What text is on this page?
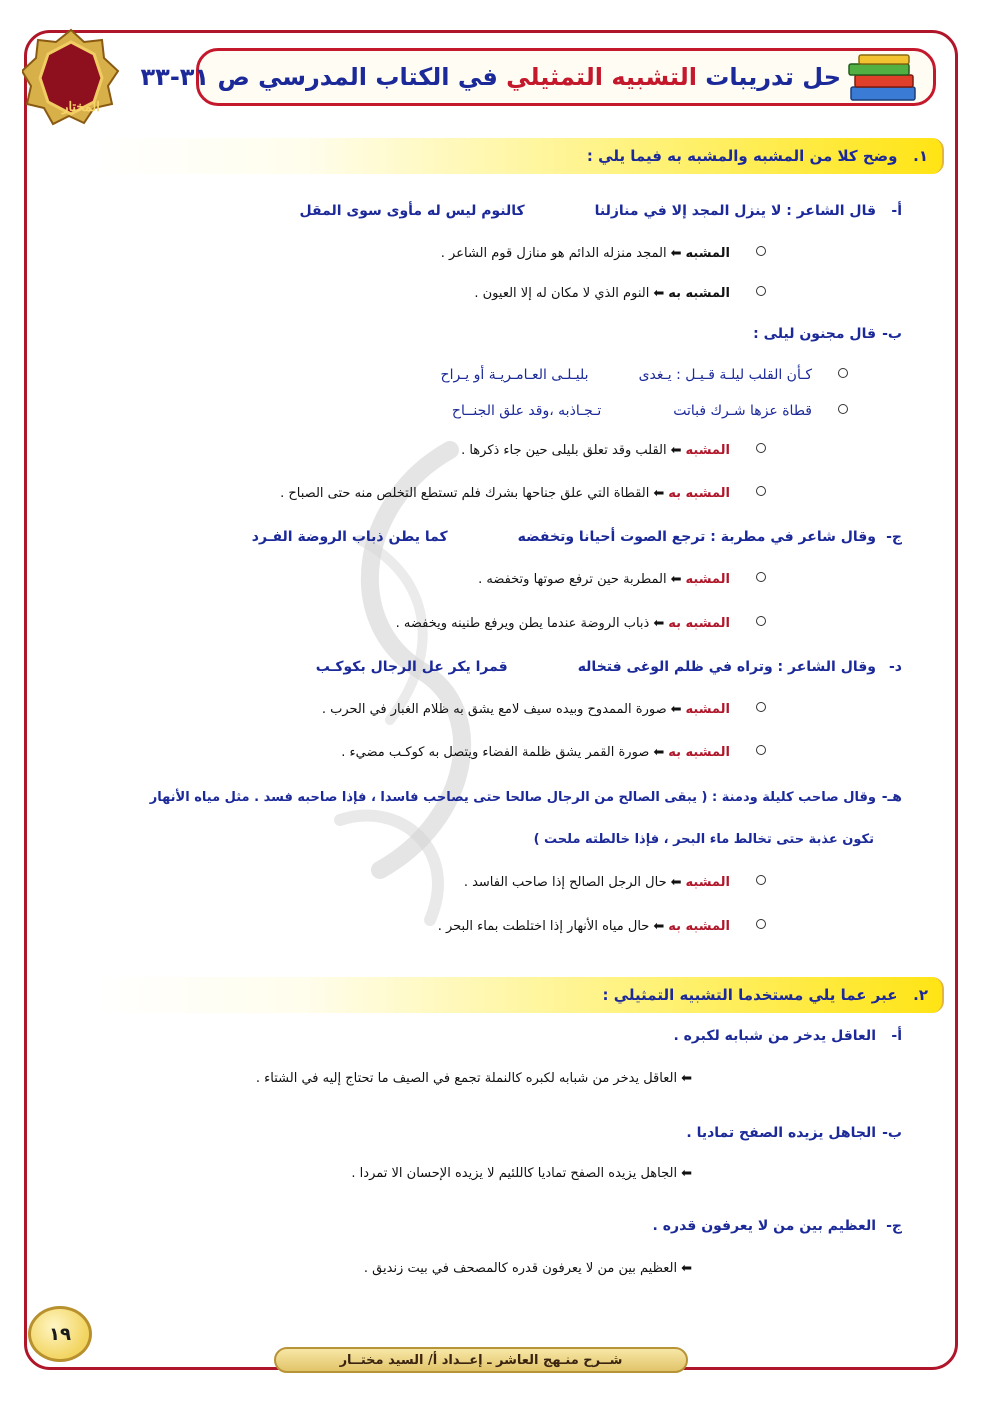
المختار
في اللغة العربية
حل تدريبات التشبيه التمثيلي في الكتاب المدرسي ص ٣١-٣٣
١.   وضح كلا من المشبه والمشبه به فيما يلي :
أ-
قال الشاعر : لا ينزل المجد إلا في منازلنا
كالنوم ليس له مأوى سوى المقل
المشبه
⬅
المجد منزله الدائم هو منازل قوم الشاعر .
المشبه به
⬅
النوم الذي لا مكان له إلا العيون .
ب-
قال مجنون ليلى :
كـأن القلب ليلـة قـيـل : يـغدى
بليـلـى العـامـريـة أو يـراح
قطاة عزها شـرك فباتت
تـجـاذبه ،وقد علق الجنــاح
المشبه
⬅
القلب وقد تعلق بليلى حين جاء ذكرها .
المشبه به
⬅
القطاة التي علق جناحها بشرك فلم تستطع التخلص منه حتى الصباح .
ج-
وقال شاعر في مطربة : ترجع الصوت أحيانا وتخفضه
كما يطن ذباب الروضة الفـرد
المشبه
⬅
المطربة حين ترفع صوتها وتخفضه .
المشبه به
⬅
ذباب الروضة عندما يطن ويرفع طنينه ويخفضه .
د-
وقال الشاعر : وتراه في ظلم الوغى فتخاله
قمرا يكر عل الرجال بكوكـب
المشبه
⬅
صورة الممدوح وبيده سيف لامع يشق به ظلام الغبار في الحرب .
المشبه به
⬅
صورة القمر يشق ظلمة الفضاء ويتصل به كوكـب مضيء .
هـ-
وقال صاحب كليلة ودمنة : ( يبقى الصالح من الرجال صالحا حتى يصاحب فاسدا ، فإذا صاحبه فسد . مثل مياه الأنهار
تكون عذبة حتى تخالط ماء البحر ، فإذا خالطته ملحت )
المشبه
⬅
حال الرجل الصالح إذا صاحب الفاسد .
المشبه به
⬅
حال مياه الأنهار إذا اختلطت بماء البحر .
٢.   عبر عما يلي مستخدما التشبيه التمثيلي :
أ-
العاقل يدخر من شبابه لكبره .
⬅
العاقل يدخر من شبابه لكبره كالنملة تجمع في الصيف ما تحتاج إليه في الشتاء .
ب-
الجاهل يزيده الصفح تماديا .
⬅
الجاهل يزيده الصفح تماديا كاللئيم لا يزيده الإحسان الا تمردا .
ج-
العظيم بين من لا يعرفون قدره .
⬅
العظيم بين من لا يعرفون قدره كالمصحف في بيت زنديق .
١٩
شــرح منـهج العاشر ـ إعــداد أ/ السيد مختــار
